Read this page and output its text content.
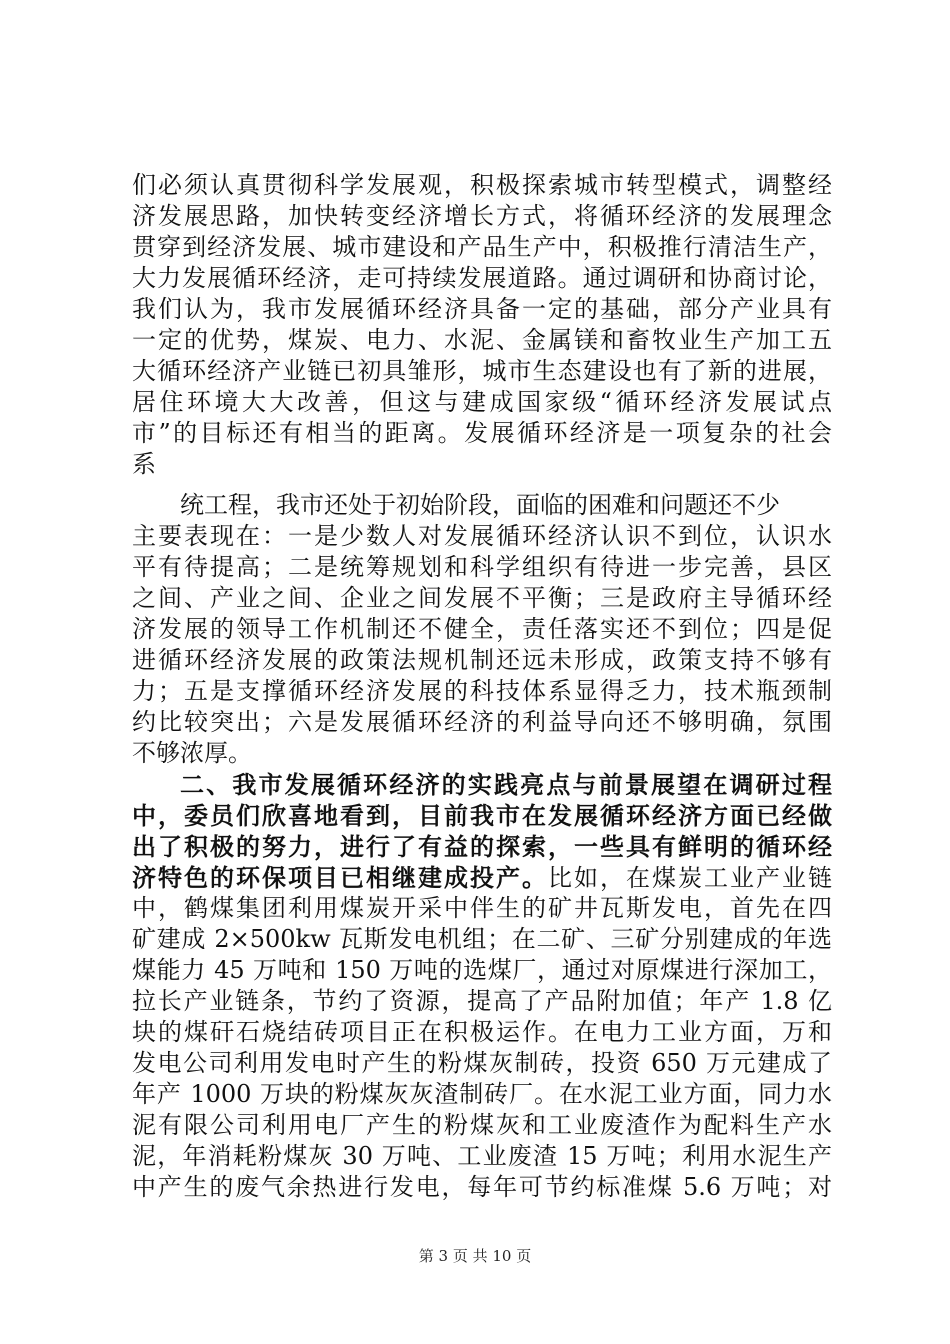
们必须认真贯彻科学发展观，积极探索城市转型模式，调整经
济发展思路，加快转变经济增长方式，将循环经济的发展理念
贯穿到经济发展、城市建设和产品生产中，积极推行清洁生产，
大力发展循环经济，走可持续发展道路。通过调研和协商讨论，
我们认为，我市发展循环经济具备一定的基础，部分产业具有
一定的优势，煤炭、电力、水泥、金属镁和畜牧业生产加工五
大循环经济产业链已初具雏形，城市生态建设也有了新的进展，
居住环境大大改善，但这与建成国家级“循环经济发展试点
市”的目标还有相当的距离。发展循环经济是一项复杂的社会
系
统工程，我市还处于初始阶段，面临的困难和问题还不少
主要表现在：一是少数人对发展循环经济认识不到位，认识水
平有待提高；二是统筹规划和科学组织有待进一步完善，县区
之间、产业之间、企业之间发展不平衡；三是政府主导循环经
济发展的领导工作机制还不健全，责任落实还不到位；四是促
进循环经济发展的政策法规机制还远未形成，政策支持不够有
力；五是支撑循环经济发展的科技体系显得乏力，技术瓶颈制
约比较突出；六是发展循环经济的利益导向还不够明确，氛围
不够浓厚。
二、我市发展循环经济的实践亮点与前景展望在调研过程
中，委员们欣喜地看到，目前我市在发展循环经济方面已经做
出了积极的努力，进行了有益的探索，一些具有鲜明的循环经
济特色的环保项目已相继建成投产。比如，在煤炭工业产业链
中，鹤煤集团利用煤炭开采中伴生的矿井瓦斯发电，首先在四
矿建成 2×500kw 瓦斯发电机组；在二矿、三矿分别建成的年选
煤能力 45 万吨和 150 万吨的选煤厂，通过对原煤进行深加工，
拉长产业链条，节约了资源，提高了产品附加值；年产 1.8 亿
块的煤矸石烧结砖项目正在积极运作。在电力工业方面，万和
发电公司利用发电时产生的粉煤灰制砖，投资 650 万元建成了
年产 1000 万块的粉煤灰灰渣制砖厂。在水泥工业方面，同力水
泥有限公司利用电厂产生的粉煤灰和工业废渣作为配料生产水
泥，年消耗粉煤灰 30 万吨、工业废渣 15 万吨；利用水泥生产
中产生的废气余热进行发电，每年可节约标准煤 5.6 万吨；对
第 3 页 共 10 页
